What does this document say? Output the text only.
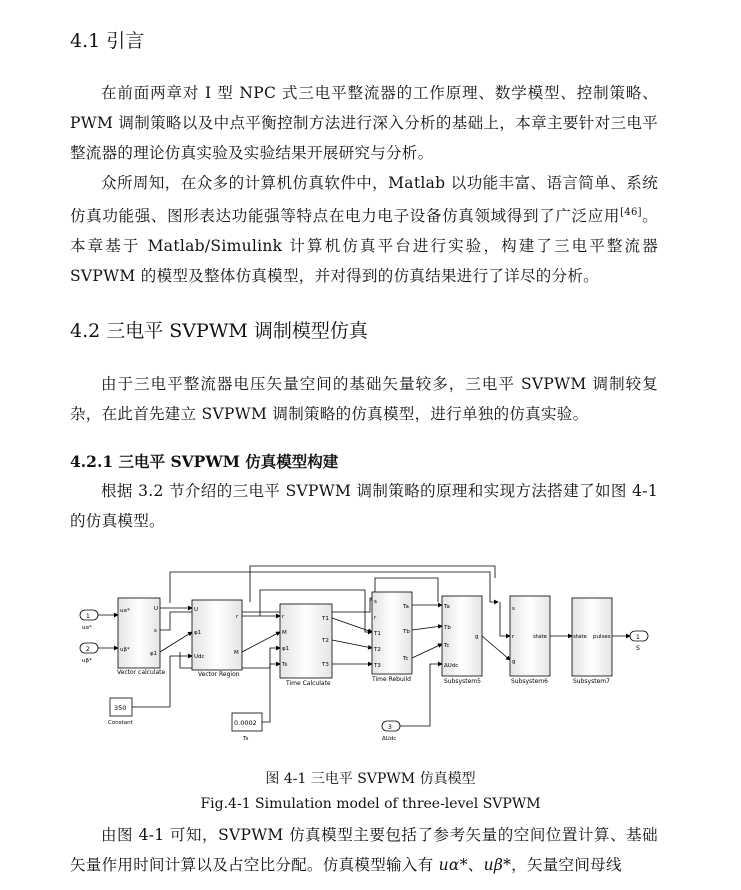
4.1 引言

在前面两章对 I 型 NPC 式三电平整流器的工作原理、数学模型、控制策略、PWM 调制策略以及中点平衡控制方法进行深入分析的基础上，本章主要针对三电平整流器的理论仿真实验及实验结果开展研究与分析。

众所周知，在众多的计算机仿真软件中，Matlab 以功能丰富、语言简单、系统仿真功能强、图形表达功能强等特点在电力电子设备仿真领域得到了广泛应用[46]。本章基于 Matlab/Simulink 计算机仿真平台进行实验，构建了三电平整流器 SVPWM 的模型及整体仿真模型，并对得到的仿真结果进行了详尽的分析。

4.2 三电平 SVPWM 调制模型仿真

由于三电平整流器电压矢量空间的基础矢量较多，三电平 SVPWM 调制较复杂，在此首先建立 SVPWM 调制策略的仿真模型，进行单独的仿真实验。

4.2.1 三电平 SVPWM 仿真模型构建

根据 3.2 节介绍的三电平 SVPWM 调制策略的原理和实现方法搭建了如图 4-1 的仿真模型。

uα*
uβ*
U
s
φ1
Vector calculate
U
φ1
Udc
r
M
Vector Region
r
M
φ1
Ts
T1
T2
T3
Time Calculate
s
r
T1
T2
T3
Ta
Tb
Tc
Time Rebuild
Ta
Tb
Tc
ΔUdc
g
Subsystem5
s
r
g
state
Subsystem6
state pulses
Subsystem7
1
uα*
2
uβ*
3
ΔUdc
1
S
350
Constant	0.0002
Ts
图 4-1 三电平 SVPWM 仿真模型
Fig.4-1 Simulation model of three-level SVPWM

由图 4-1 可知，SVPWM 仿真模型主要包括了参考矢量的空间位置计算、基础矢量作用时间计算以及占空比分配。仿真模型输入有 uα*、uβ*，矢量空间母线
